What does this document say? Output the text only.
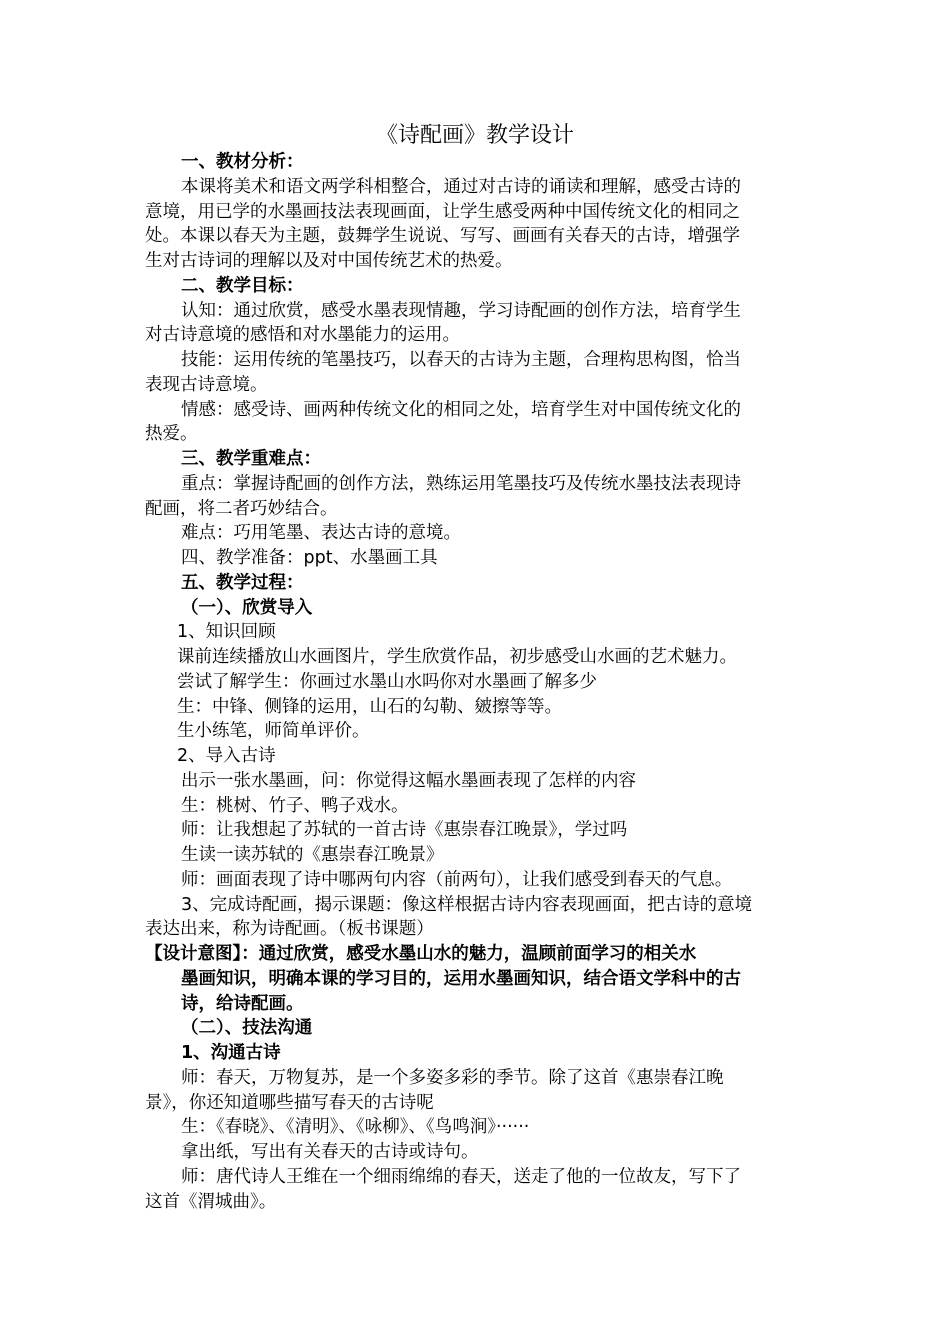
《诗配画》教学设计
一、教材分析：
本课将美术和语文两学科相整合，通过对古诗的诵读和理解，感受古诗的
意境，用已学的水墨画技法表现画面，让学生感受两种中国传统文化的相同之
处。本课以春天为主题，鼓舞学生说说、写写、画画有关春天的古诗，增强学
生对古诗词的理解以及对中国传统艺术的热爱。
二、教学目标：
认知：通过欣赏，感受水墨表现情趣，学习诗配画的创作方法，培育学生
对古诗意境的感悟和对水墨能力的运用。
技能：运用传统的笔墨技巧，以春天的古诗为主题，合理构思构图，恰当
表现古诗意境。
情感：感受诗、画两种传统文化的相同之处，培育学生对中国传统文化的
热爱。
三、教学重难点：
重点：掌握诗配画的创作方法，熟练运用笔墨技巧及传统水墨技法表现诗
配画，将二者巧妙结合。
难点：巧用笔墨、表达古诗的意境。
四、教学准备：ppt、水墨画工具
五、教学过程：
（一）、欣赏导入
1、知识回顾
课前连续播放山水画图片，学生欣赏作品，初步感受山水画的艺术魅力。
尝试了解学生：你画过水墨山水吗你对水墨画了解多少
生：中锋、侧锋的运用，山石的勾勒、皴擦等等。
生小练笔，师简单评价。
2、导入古诗
出示一张水墨画，问：你觉得这幅水墨画表现了怎样的内容
生：桃树、竹子、鸭子戏水。
师：让我想起了苏轼的一首古诗《惠崇春江晚景》，学过吗
生读一读苏轼的《惠崇春江晚景》
师：画面表现了诗中哪两句内容（前两句），让我们感受到春天的气息。
3、完成诗配画，揭示课题：像这样根据古诗内容表现画面，把古诗的意境
表达出来，称为诗配画。（板书课题）
【设计意图】：通过欣赏，感受水墨山水的魅力，温顾前面学习的相关水
墨画知识，明确本课的学习目的，运用水墨画知识，结合语文学科中的古
诗，给诗配画。
（二）、技法沟通
1、沟通古诗
师：春天，万物复苏，是一个多姿多彩的季节。除了这首《惠崇春江晚
景》，你还知道哪些描写春天的古诗呢
生：《春晓》、《清明》、《咏柳》、《鸟鸣涧》······
拿出纸，写出有关春天的古诗或诗句。
师：唐代诗人王维在一个细雨绵绵的春天，送走了他的一位故友，写下了
这首《渭城曲》。
